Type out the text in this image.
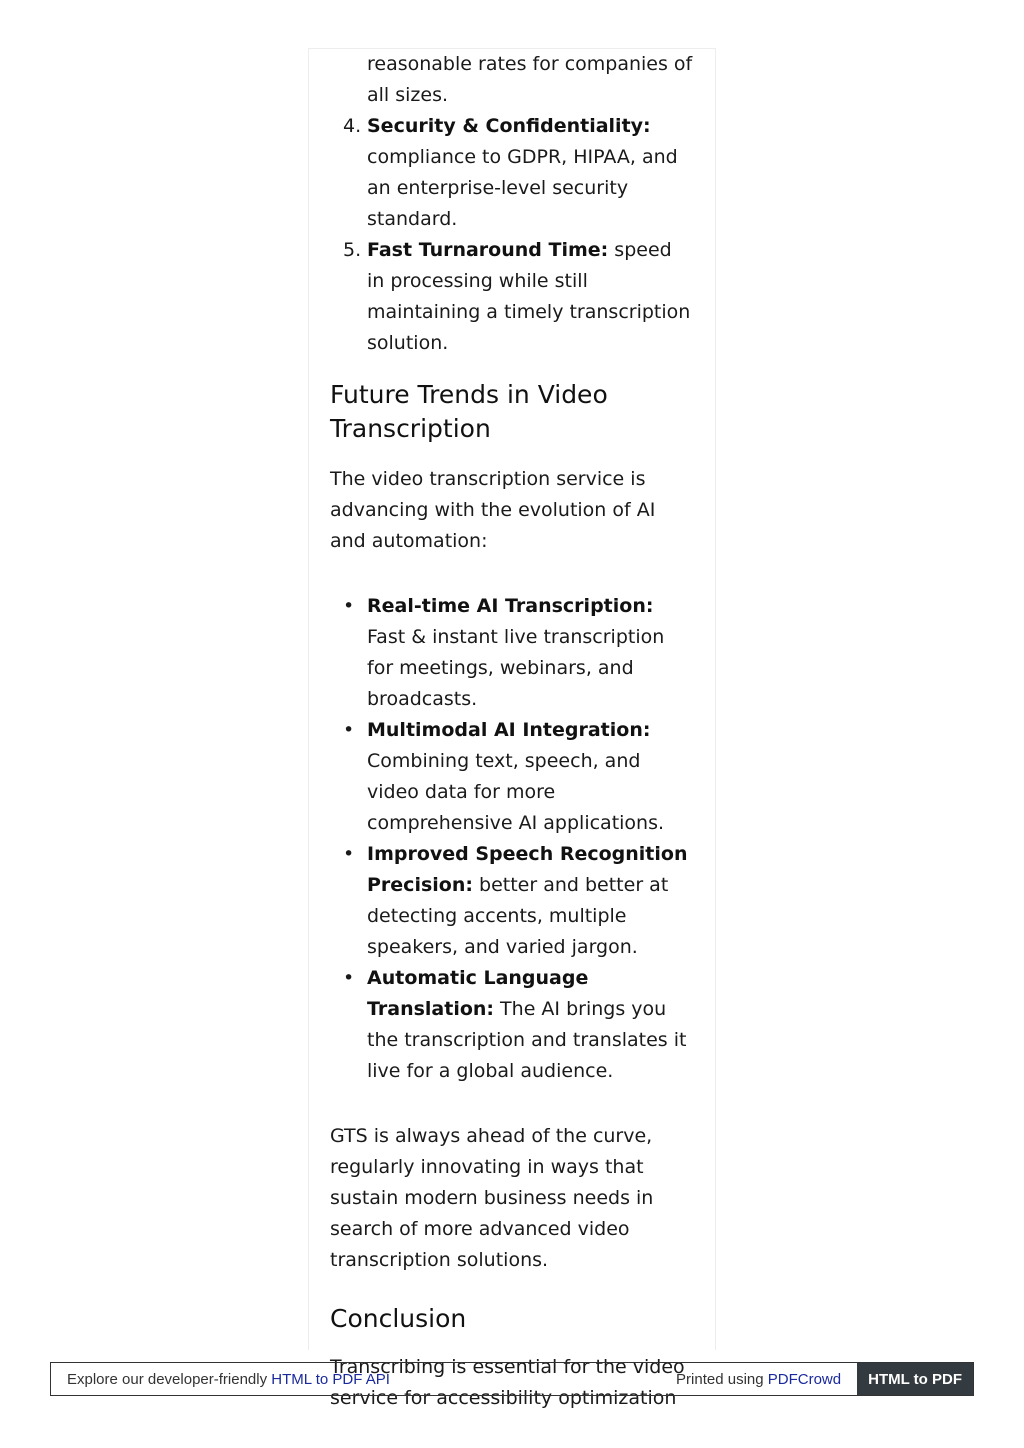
reasonable rates for companies of all sizes.
4. Security & Confidentiality: compliance to GDPR, HIPAA, and an enterprise-level security standard.
5. Fast Turnaround Time: speed in processing while still maintaining a timely transcription solution.
Future Trends in Video Transcription

The video transcription service is advancing with the evolution of AI and automation:

• Real-time AI Transcription: Fast & instant live transcription for meetings, webinars, and broadcasts.
• Multimodal AI Integration: Combining text, speech, and video data for more comprehensive AI applications.
• Improved Speech Recognition Precision: better and better at detecting accents, multiple speakers, and varied jargon.
• Automatic Language Translation: The AI brings you the transcription and translates it live for a global audience.

GTS is always ahead of the curve, regularly innovating in ways that sustain modern business needs in search of more advanced video transcription solutions.

Conclusion

Transcribing is essential for the video service for accessibility optimization

Explore our developer-friendly HTML to PDF API	Printed using PDFCrowd	HTML to PDF
